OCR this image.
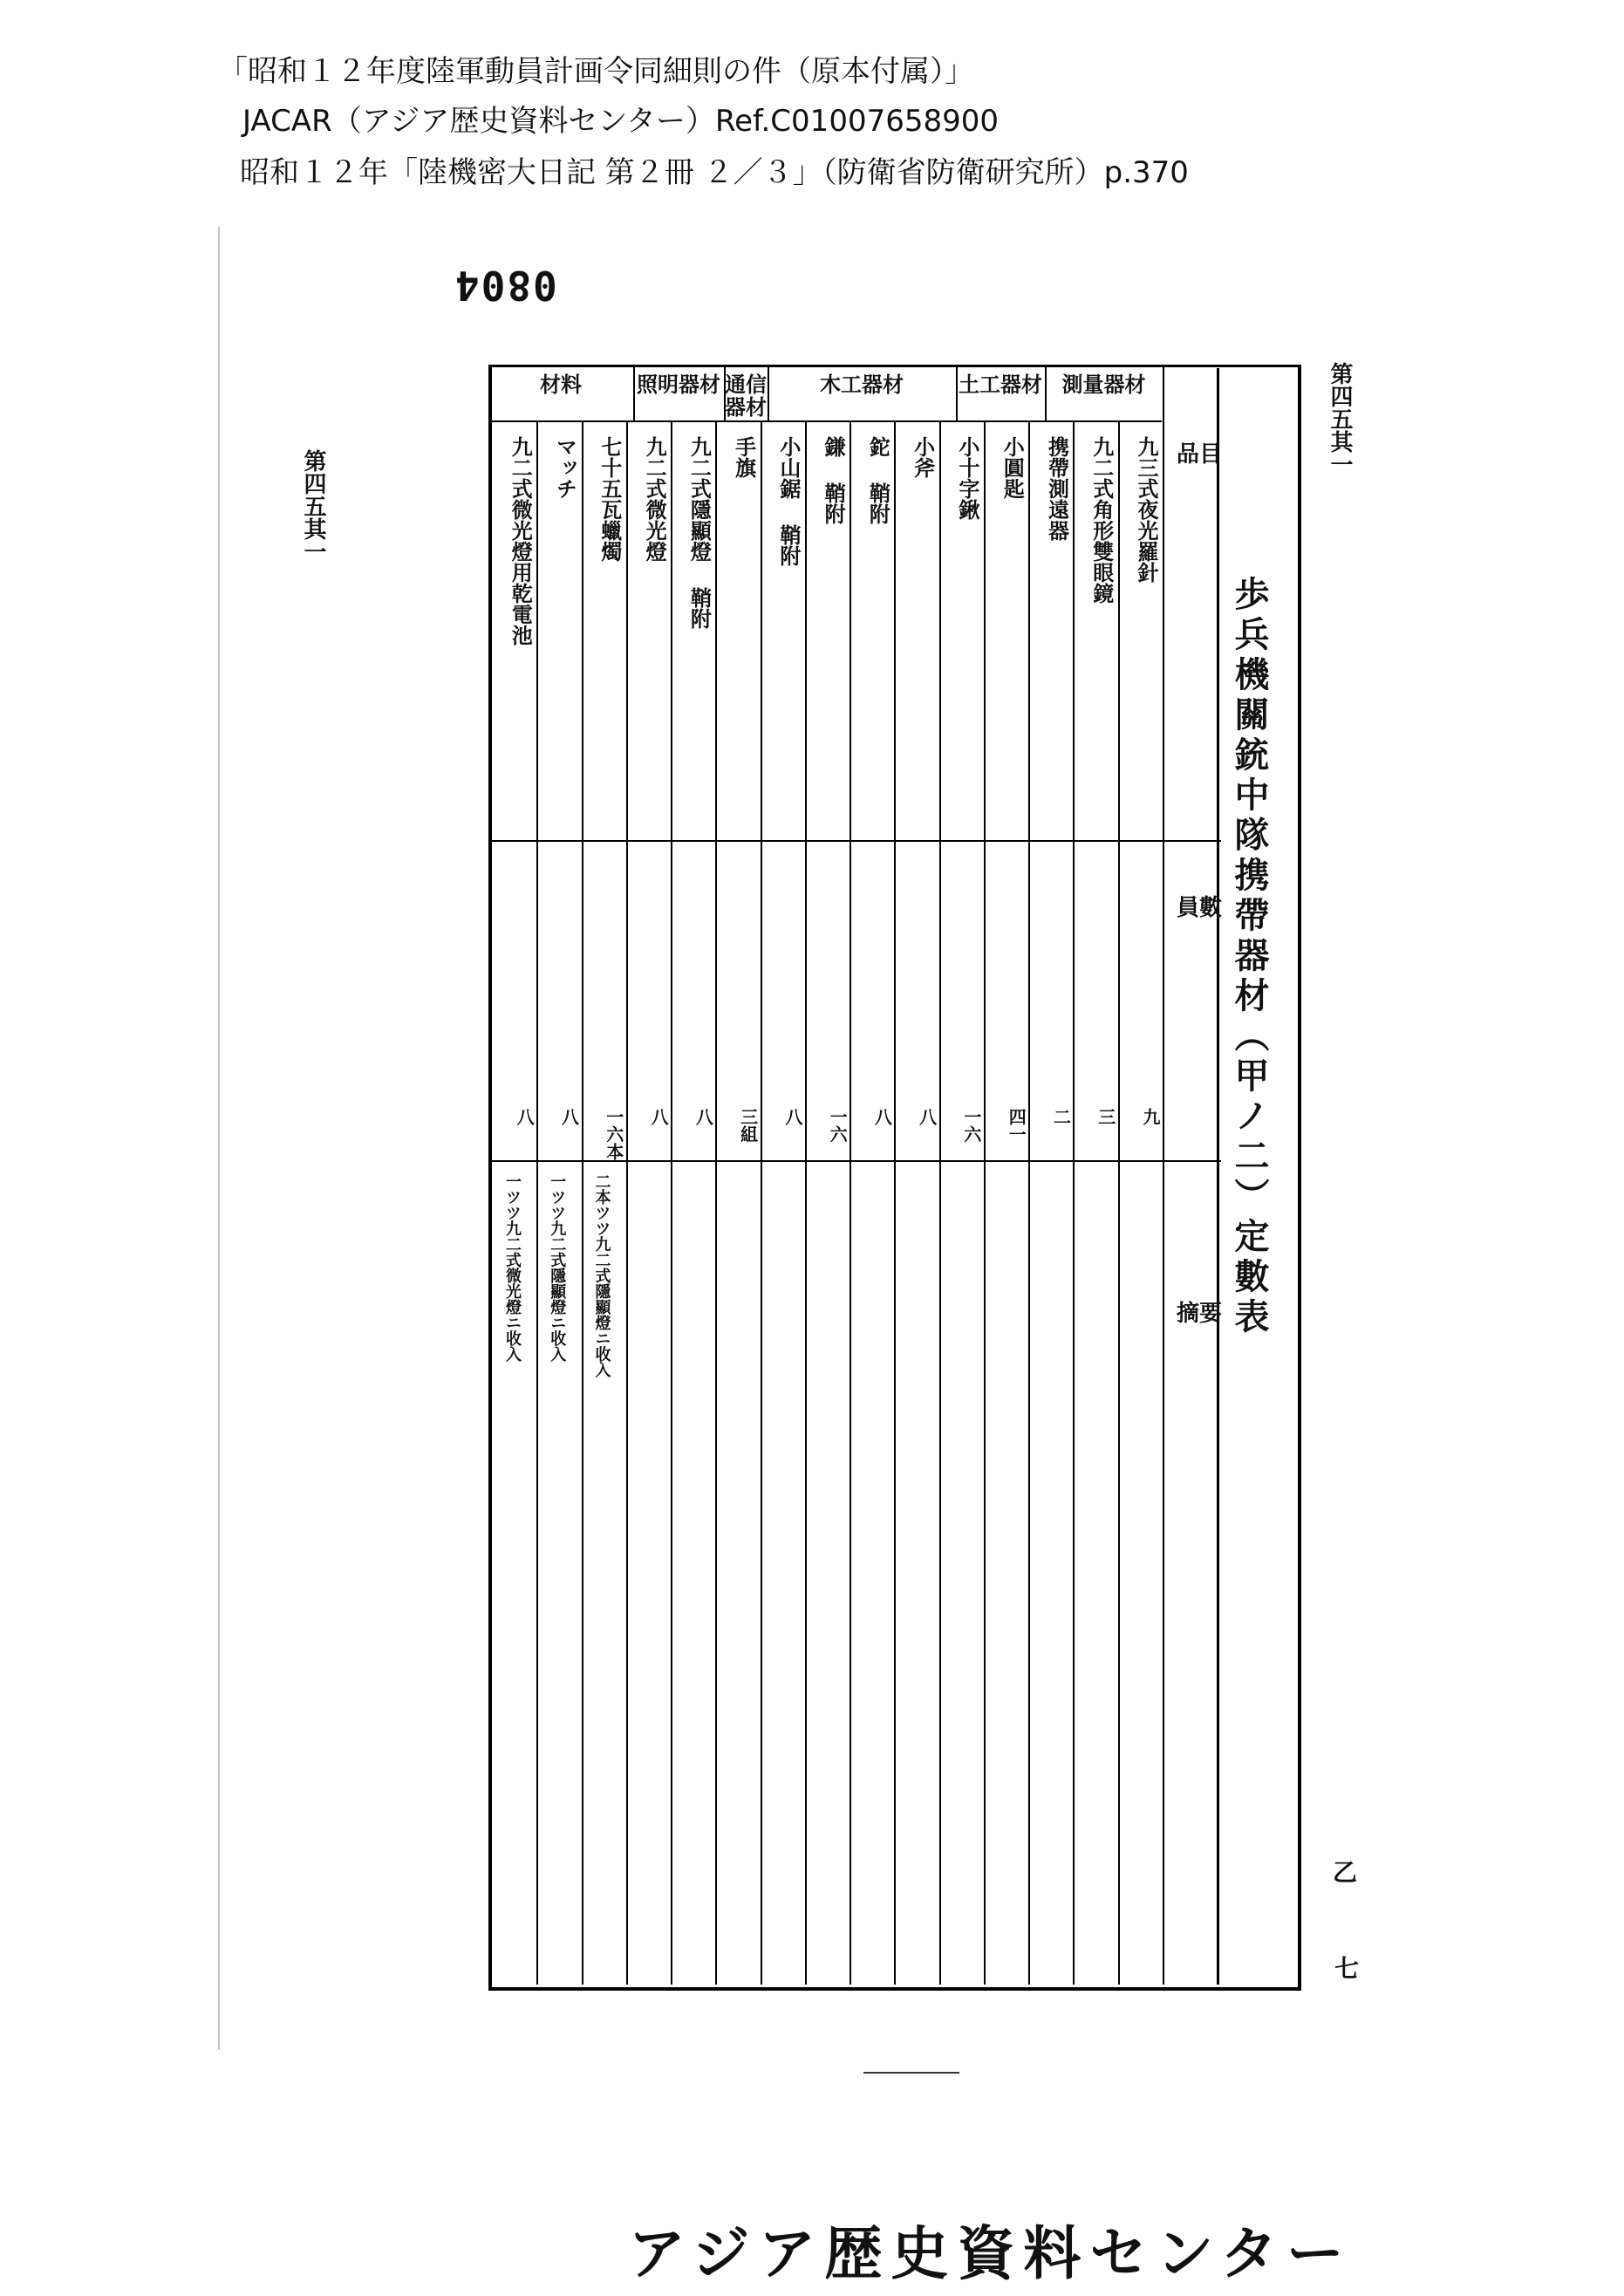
「昭和１２年度陸軍動員計画令同細則の件（原本付属）」
JACAR（アジア歴史資料センター）Ref.C01007658900
昭和１２年「陸機密大日記 第２冊 ２／３」（防衛省防衛研究所）p.370
0804
第四五其一
第四五其一
乙
七
歩兵機關銃中隊携帶器材（甲ノ二）定數表
品目
員數
摘要
測量器材
土工器材
木工器材
通信器材
照明器材
材料
九三式夜光羅針
九
九二式角形雙眼鏡
三
携帶測遠器
二
小圓匙
四一
小十字鍬
一六
小斧
八
鉈 鞘附
八
鎌 鞘附
一六
小山鋸 鞘附
八
手旗
三組
九二式隱顯燈 鞘附
八
九二式微光燈
八
七十五瓦蠟燭
一六本
二本ツツ九二式隱顯燈ニ收入
マッチ
八
一ツツ九二式隱顯燈ニ收入
九二式微光燈用乾電池
八
一ツツ九二式微光燈ニ收入
アジア歴史資料センター
